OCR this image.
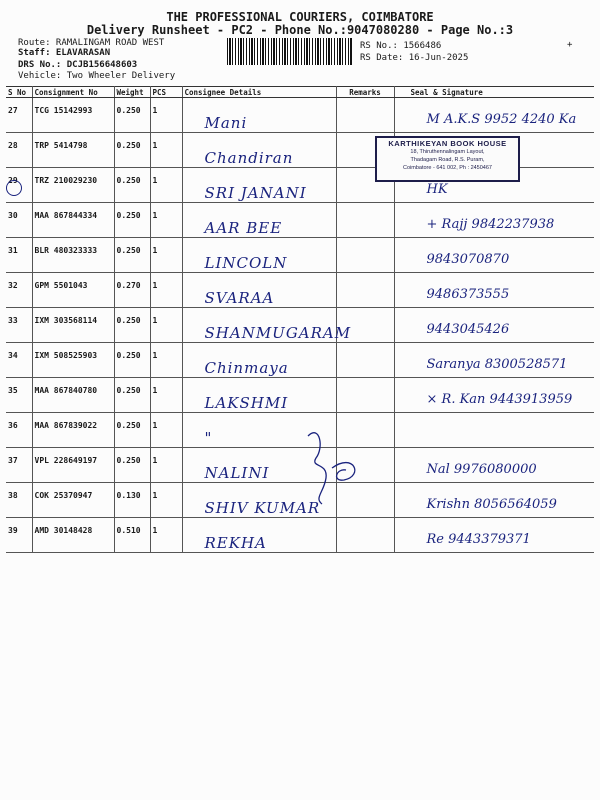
THE PROFESSIONAL COURIERS, COIMBATORE
Delivery Runsheet - PC2 - Phone No.:9047080280 - Page No.:3
Route: RAMALINGAM ROAD WEST
Staff: ELAVARASAN
DRS No.: DCJB156648603
Vehicle: Two Wheeler Delivery
RS No.: 1566486
RS Date: 16-Jun-2025
+
S No	Consignment No	Weight	PCS	Consignee Details	Remarks	Seal & Signature
27	TCG 15142993	0.250	1	Mani		M A.K.S 9952 4240 Ka

28	TRP 5414798	0.250	1	Chandiran		

29	TRZ 210029230	0.250	1	SRI JANANI		HK

30	MAA 867844334	0.250	1	AAR BEE		+ Rajj 9842237938

31	BLR 480323333	0.250	1	LINCOLN		9843070870

32	GPM 5501043	0.270	1	SVARAA		9486373555

33	IXM 303568114	0.250	1	SHANMUGARAM		9443045426

34	IXM 508525903	0.250	1	Chinmaya		Saranya 8300528571

35	MAA 867840780	0.250	1	LAKSHMI		× R. Kan 9443913959

36	MAA 867839022	0.250	1	"		

37	VPL 228649197	0.250	1	NALINI		Nal 9976080000

38	COK 25370947	0.130	1	SHIV KUMAR		Krishn 8056564059

39	AMD 30148428	0.510	1	REKHA		Re 9443379371
KARTHIKEYAN BOOK HOUSE
18, Thiruthennalingam Layout,
Thadagam Road, R.S. Puram,
Coimbatore - 641 002, Ph : 2450467
